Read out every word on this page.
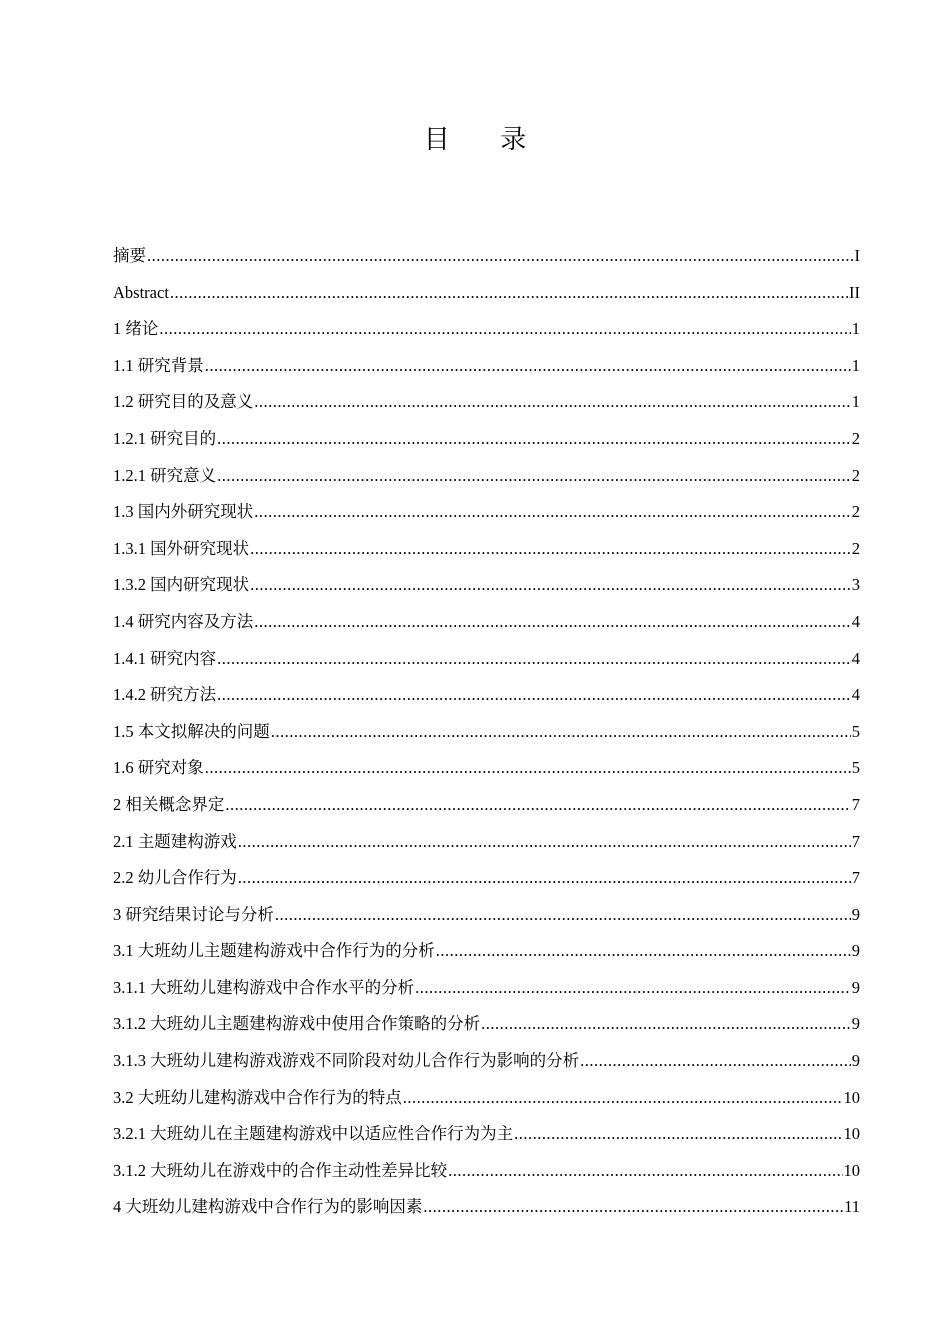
目 录
摘要 .....	I
Abstract .....	II
1 绪论 .....	1
1.1 研究背景 .....	1
1.2 研究目的及意义 .....	1
1.2.1 研究目的 .....	2
1.2.1 研究意义 .....	2
1.3 国内外研究现状 .....	2
1.3.1 国外研究现状 .....	2
1.3.2 国内研究现状 .....	3
1.4 研究内容及方法 .....	4
1.4.1 研究内容 .....	4
1.4.2 研究方法 .....	4
1.5 本文拟解决的问题 .....	5
1.6 研究对象 .....	5
2 相关概念界定 .....	7
2.1 主题建构游戏 .....	7
2.2 幼儿合作行为 .....	7
3 研究结果讨论与分析 .....	9
3.1 大班幼儿主题建构游戏中合作行为的分析 .....	9
3.1.1 大班幼儿建构游戏中合作水平的分析 .....	9
3.1.2 大班幼儿主题建构游戏中使用合作策略的分析 .....	9
3.1.3 大班幼儿建构游戏游戏不同阶段对幼儿合作行为影响的分析 .....	9
3.2 大班幼儿建构游戏中合作行为的特点 .....	10
3.2.1 大班幼儿在主题建构游戏中以适应性合作行为为主 .....	10
3.1.2 大班幼儿在游戏中的合作主动性差异比较 .....	10
4 大班幼儿建构游戏中合作行为的影响因素 .....	11
